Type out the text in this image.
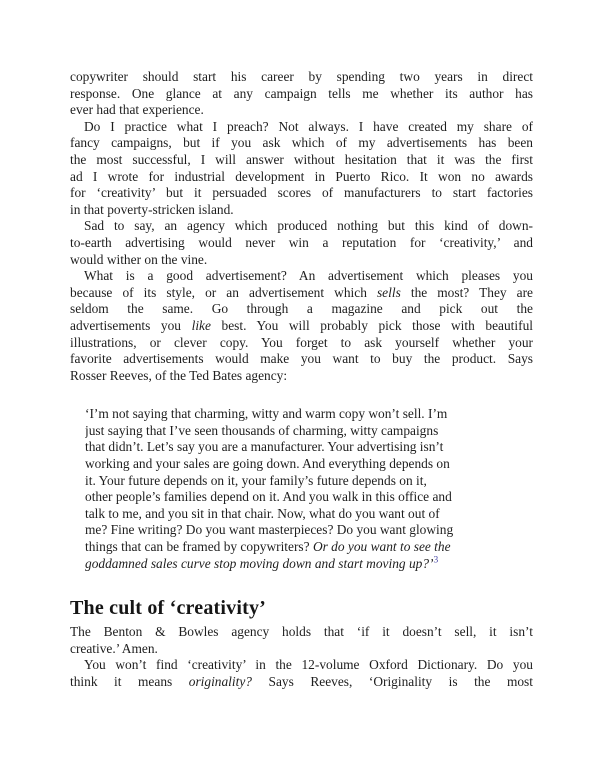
copywriter should start his career by spending two years in direct
response. One glance at any campaign tells me whether its author has
ever had that experience.
Do I practice what I preach? Not always. I have created my share of
fancy campaigns, but if you ask which of my advertisements has been
the most successful, I will answer without hesitation that it was the first
ad I wrote for industrial development in Puerto Rico. It won no awards
for ‘creativity’ but it persuaded scores of manufacturers to start factories
in that poverty-stricken island.
Sad to say, an agency which produced nothing but this kind of down-
to-earth advertising would never win a reputation for ‘creativity,’ and
would wither on the vine.
What is a good advertisement? An advertisement which pleases you
because of its style, or an advertisement which sells the most? They are
seldom the same. Go through a magazine and pick out the
advertisements you like best. You will probably pick those with beautiful
illustrations, or clever copy. You forget to ask yourself whether your
favorite advertisements would make you want to buy the product. Says
Rosser Reeves, of the Ted Bates agency:
‘I’m not saying that charming, witty and warm copy won’t sell. I’m
just saying that I’ve seen thousands of charming, witty campaigns
that didn’t. Let’s say you are a manufacturer. Your advertising isn’t
working and your sales are going down. And everything depends on
it. Your future depends on it, your family’s future depends on it,
other people’s families depend on it. And you walk in this office and
talk to me, and you sit in that chair. Now, what do you want out of
me? Fine writing? Do you want masterpieces? Do you want glowing
things that can be framed by copywriters? Or do you want to see the
goddamned sales curve stop moving down and start moving up?’$^3$
The cult of ‘creativity’
The Benton & Bowles agency holds that ‘if it doesn’t sell, it isn’t
creative.’ Amen.
You won’t find ‘creativity’ in the 12-volume Oxford Dictionary. Do you
think it means originality? Says Reeves, ‘Originality is the most
